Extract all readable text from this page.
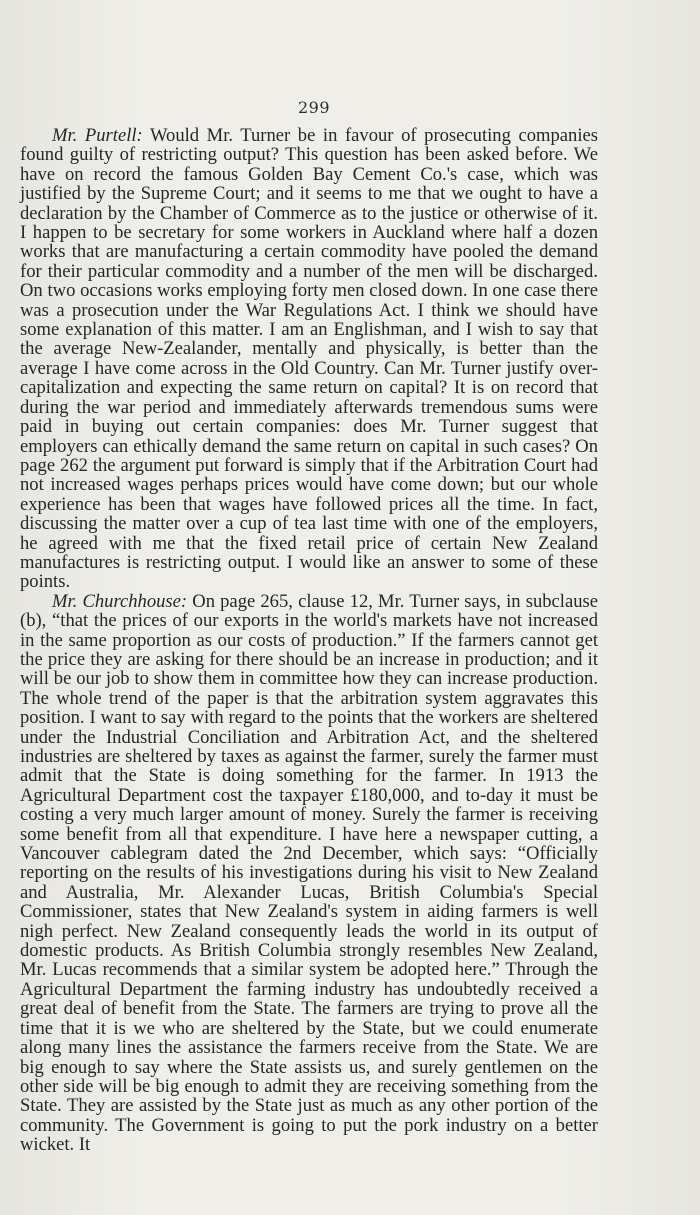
299

Mr. Purtell: Would Mr. Turner be in favour of prosecuting companies found guilty of restricting output? This question has been asked before. We have on record the famous Golden Bay Cement Co.'s case, which was justified by the Supreme Court; and it seems to me that we ought to have a declaration by the Chamber of Commerce as to the justice or otherwise of it. I happen to be secretary for some workers in Auckland where half a dozen works that are manufacturing a certain commodity have pooled the demand for their particular commodity and a number of the men will be discharged. On two occasions works employing forty men closed down. In one case there was a prosecution under the War Regulations Act. I think we should have some explanation of this matter. I am an Englishman, and I wish to say that the average New-Zealander, mentally and physically, is better than the average I have come across in the Old Country. Can Mr. Turner justify over-capitalization and expecting the same return on capital? It is on record that during the war period and immediately afterwards tremendous sums were paid in buying out certain companies: does Mr. Turner suggest that employers can ethically demand the same return on capital in such cases? On page 262 the argument put forward is simply that if the Arbitration Court had not increased wages perhaps prices would have come down; but our whole experience has been that wages have followed prices all the time. In fact, discussing the matter over a cup of tea last time with one of the employers, he agreed with me that the fixed retail price of certain New Zealand manufactures is restricting output. I would like an answer to some of these points.

Mr. Churchhouse: On page 265, clause 12, Mr. Turner says, in subclause (b), “that the prices of our exports in the world's markets have not increased in the same proportion as our costs of production.” If the farmers cannot get the price they are asking for there should be an increase in production; and it will be our job to show them in committee how they can increase production. The whole trend of the paper is that the arbitration system aggravates this position. I want to say with regard to the points that the workers are sheltered under the Industrial Conciliation and Arbitration Act, and the sheltered industries are sheltered by taxes as against the farmer, surely the farmer must admit that the State is doing something for the farmer. In 1913 the Agricultural Department cost the taxpayer £180,000, and to-day it must be costing a very much larger amount of money. Surely the farmer is receiving some benefit from all that expenditure. I have here a newspaper cutting, a Vancouver cablegram dated the 2nd December, which says: “Officially reporting on the results of his investigations during his visit to New Zealand and Australia, Mr. Alexander Lucas, British Columbia's Special Commissioner, states that New Zealand's system in aiding farmers is well nigh perfect. New Zealand consequently leads the world in its output of domestic products. As British Columbia strongly resembles New Zealand, Mr. Lucas recommends that a similar system be adopted here.” Through the Agricultural Department the farming industry has undoubtedly received a great deal of benefit from the State. The farmers are trying to prove all the time that it is we who are sheltered by the State, but we could enumerate along many lines the assistance the farmers receive from the State. We are big enough to say where the State assists us, and surely gentlemen on the other side will be big enough to admit they are receiving something from the State. They are assisted by the State just as much as any other portion of the community. The Government is going to put the pork industry on a better wicket. It
